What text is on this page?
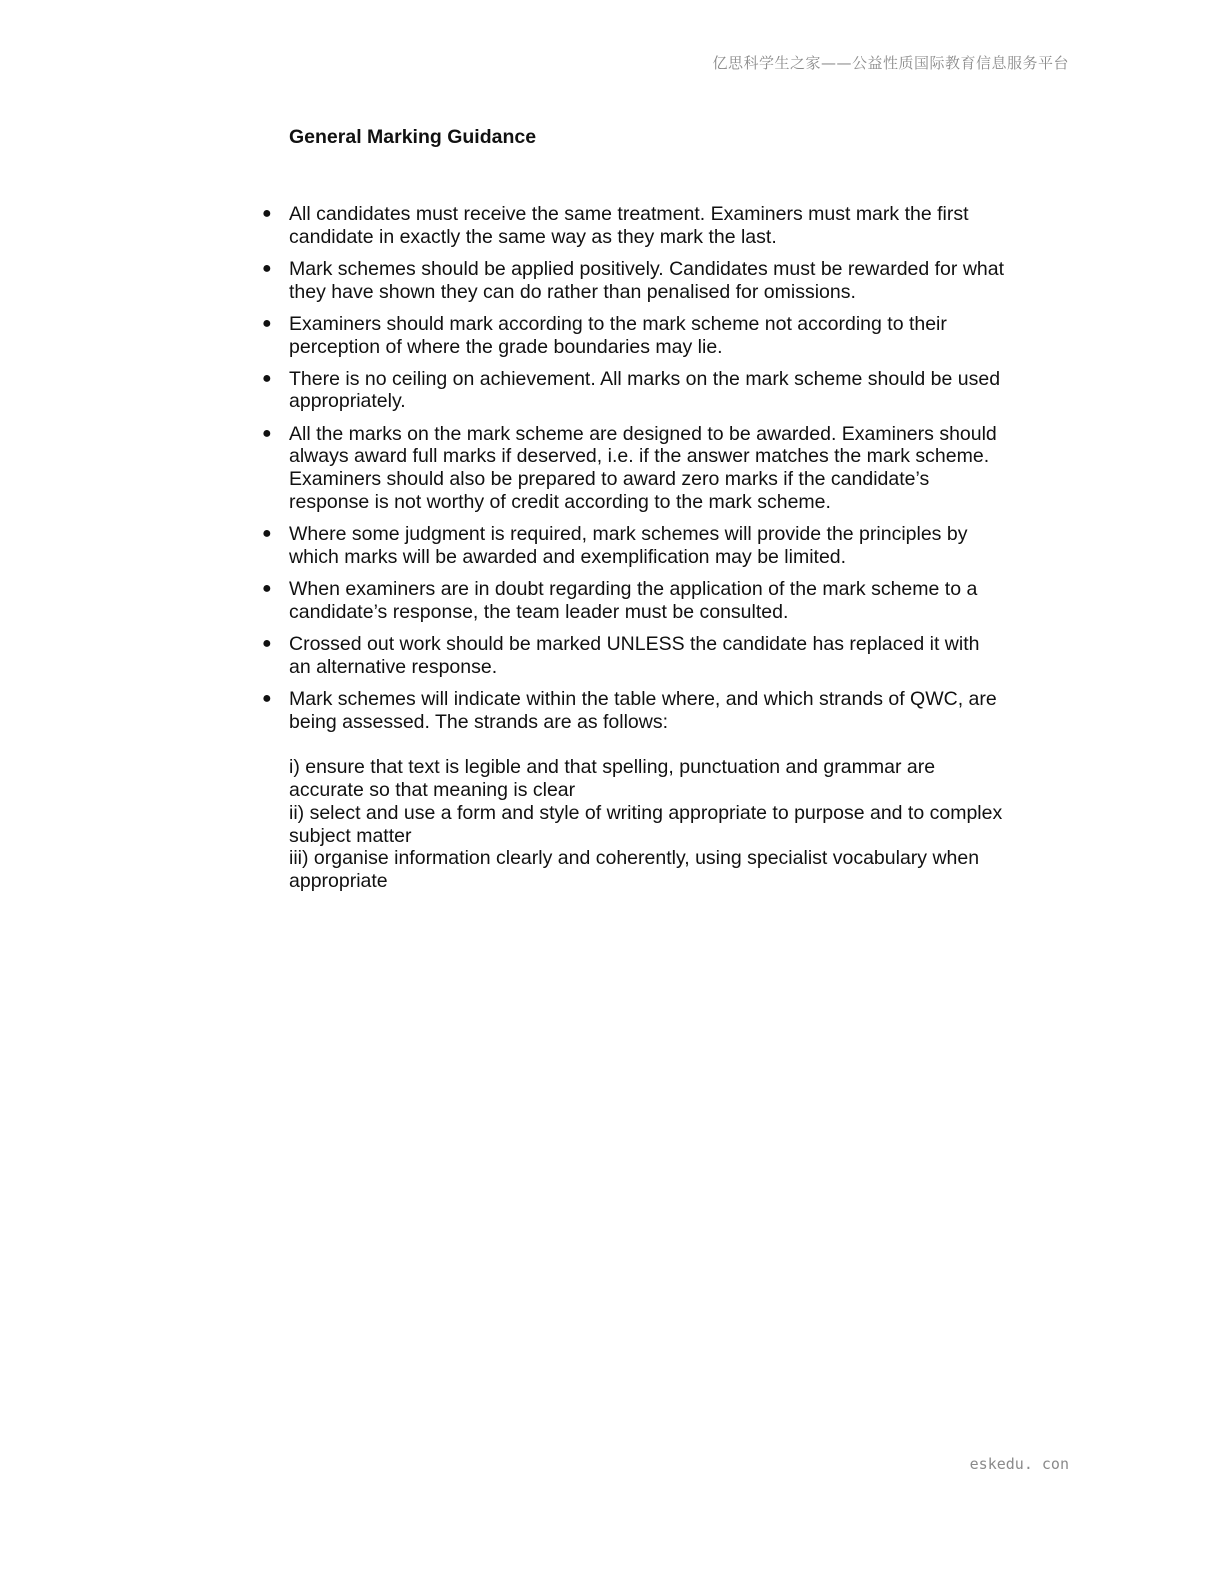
亿思科学生之家——公益性质国际教育信息服务平台
General Marking Guidance
● All candidates must receive the same treatment. Examiners must mark the first candidate in exactly the same way as they mark the last.
● Mark schemes should be applied positively. Candidates must be rewarded for what they have shown they can do rather than penalised for omissions.
● Examiners should mark according to the mark scheme not according to their perception of where the grade boundaries may lie.
● There is no ceiling on achievement. All marks on the mark scheme should be used appropriately.
● All the marks on the mark scheme are designed to be awarded. Examiners should always award full marks if deserved, i.e. if the answer matches the mark scheme. Examiners should also be prepared to award zero marks if the candidate’s response is not worthy of credit according to the mark scheme.
● Where some judgment is required, mark schemes will provide the principles by which marks will be awarded and exemplification may be limited.
● When examiners are in doubt regarding the application of the mark scheme to a candidate’s response, the team leader must be consulted.
● Crossed out work should be marked UNLESS the candidate has replaced it with an alternative response.
● Mark schemes will indicate within the table where, and which strands of QWC, are being assessed. The strands are as follows:
i) ensure that text is legible and that spelling, punctuation and grammar are accurate so that meaning is clear
ii) select and use a form and style of writing appropriate to purpose and to complex subject matter
iii) organise information clearly and coherently, using specialist vocabulary when appropriate
eskedu. con
